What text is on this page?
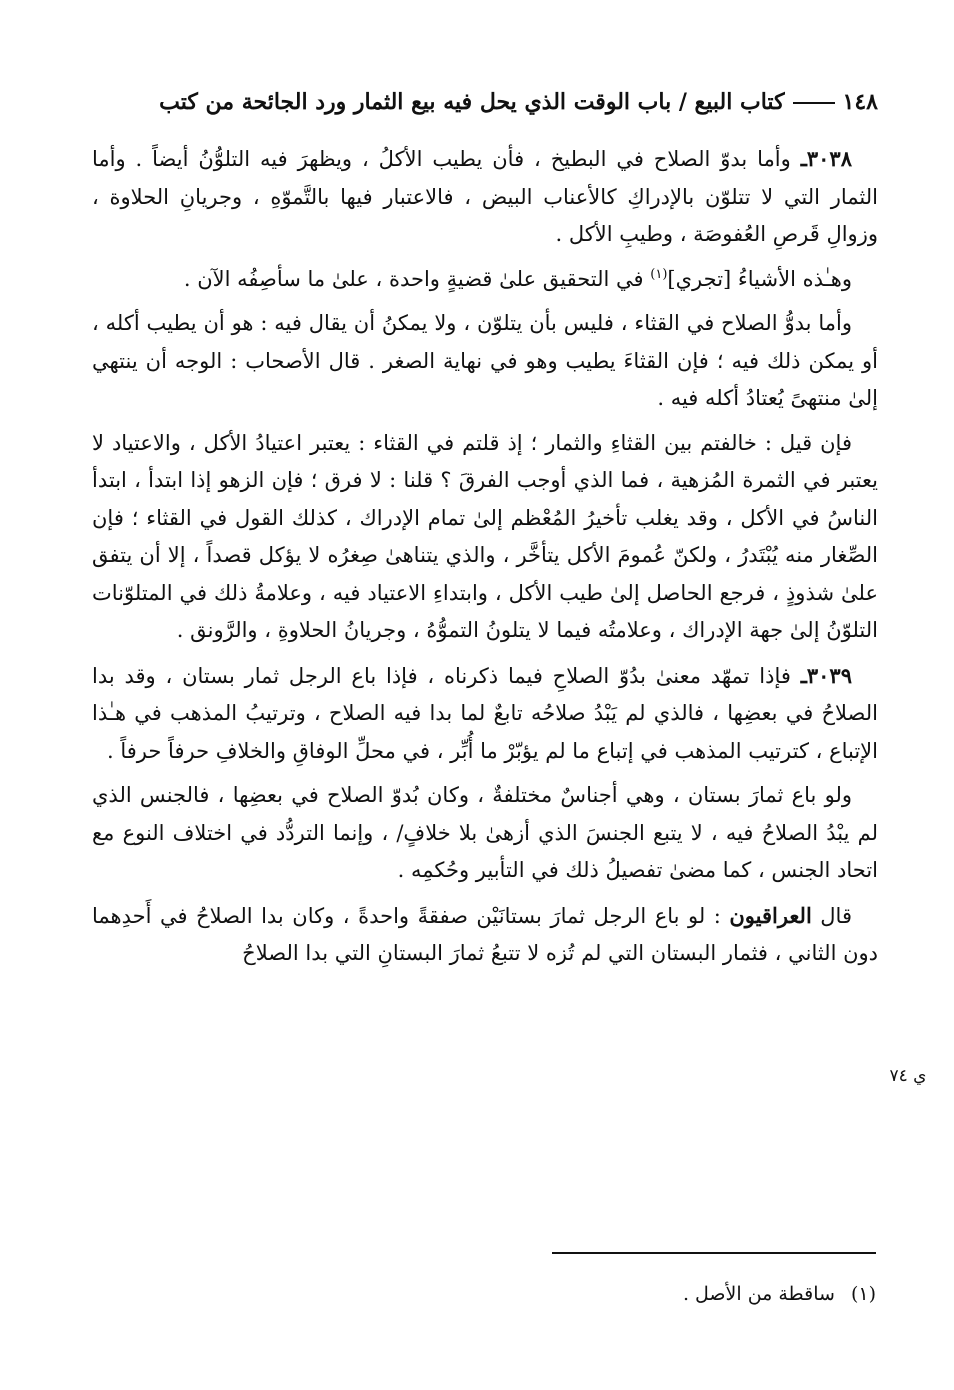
١٤٨كتاب البيع / باب الوقت الذي يحل فيه بيع الثمار ورد الجائحة من كتب

٣٠٣٨ـ وأما بدوّ الصلاح في البطيخ ، فأن يطيب الأكلُ ، ويظهرَ فيه التلوُّنُ أيضاً . وأما الثمار التي لا تتلوّن بالإدراكِ كالأعناب البيض ، فالاعتبار فيها بالتَّموّهِ ، وجريانِ الحلاوة ، وزوالِ قَرصِ العُفوصَة ، وطيبِ الأكل .

وهـٰذه الأشياءُ [تجري]$^{(١)}$ في التحقيق علىٰ قضيةٍ واحدة ، علىٰ ما سأصِفُه الآن .

وأما بدوُّ الصلاح في القثاء ، فليس بأن يتلوّن ، ولا يمكنُ أن يقال فيه : هو أن يطيب أكله ، أو يمكن ذلك فيه ؛ فإن القثاءَ يطيب وهو في نهاية الصغر . قال الأصحاب : الوجه أن ينتهي إلىٰ منتهىً يُعتادُ أكله فيه .

فإن قيل : خالفتم بين القثاءِ والثمار ؛ إذ قلتم في القثاء : يعتبر اعتيادُ الأكل ، والاعتياد لا يعتبر في الثمرة المُزهية ، فما الذي أوجب الفرقَ ؟ قلنا : لا فرق ؛ فإن الزهو إذا ابتدأ ، ابتدأ الناسُ في الأكل ، وقد يغلب تأخيرُ المُعْظم إلىٰ تمام الإدراك ، كذلك القول في القثاء ؛ فإن الصِّغار منه يُبْتَدرُ ، ولكنّ عُمومَ الأكل يتأخَّر ، والذي يتناهىٰ صِغرُه لا يؤكل قصداً ، إلا أن يتفق علىٰ شذوذٍ ، فرجع الحاصل إلىٰ طيب الأكل ، وابتداءِ الاعتياد فيه ، وعلامةُ ذلك في المتلوّنات التلوّنُ إلىٰ جهة الإدراك ، وعلامتُه فيما لا يتلونُ التموُّهُ ، وجريانُ الحلاوةِ ، والرَّونق .

٣٠٣٩ـ فإذا تمهّد معنىٰ بدُوّ الصلاحِ فيما ذكرناه ، فإذا باع الرجل ثمار بستان ، وقد بدا الصلاحُ في بعضِها ، فالذي لم يَبْدُ صلاحُه تابعٌ لما بدا فيه الصلاح ، وترتيبُ المذهب في هـٰذا الإتباع ، كترتيب المذهب في إتباع ما لم يؤبّرْ ما أُبِّر ، في محلِّ الوفاقِ والخلافِ حرفاً حرفاً .

ولو باع ثمارَ بستان ، وهي أجناسٌ مختلفةٌ ، وكان بُدوّ الصلاح في بعضِها ، فالجنس الذي لم يبْدُ الصلاحُ فيه ، لا يتبع الجنسَ الذي أزهىٰ بلا خلافٍ/ ، وإنما التردُّد في اختلاف النوع مع اتحاد الجنس ، كما مضىٰ تفصيلُ ذلك في التأبير وحُكمِه .

قال العراقيون : لو باع الرجل ثمارَ بستانَيْن صفقةً واحدةً ، وكان بدا الصلاحُ في أَحدِهما دون الثاني ، فثمار البستان التي لم تُزه لا تتبعُ ثمارَ البستانِ التي بدا الصلاحُ

ي ٧٤
(١)ساقطة من الأصل .
